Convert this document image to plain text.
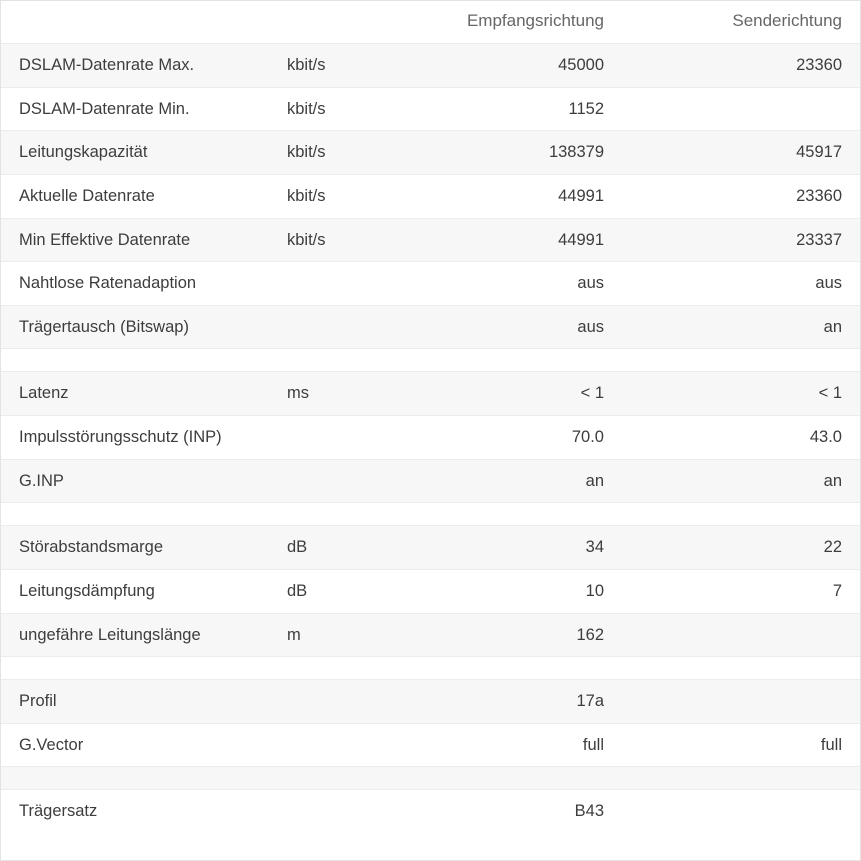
		Empfangsrichtung	Senderichtung
DSLAM-Datenrate Max.	kbit/s	45000	23360
DSLAM-Datenrate Min.	kbit/s	1152	
Leitungskapazität	kbit/s	138379	45917
Aktuelle Datenrate	kbit/s	44991	23360
Min Effektive Datenrate	kbit/s	44991	23337
Nahtlose Ratenadaption		aus	aus
Trägertausch (Bitswap)		aus	an

Latenz	ms	< 1	< 1
Impulsstörungsschutz (INP)		70.0	43.0
G.INP		an	an

Störabstandsmarge	dB	34	22
Leitungsdämpfung	dB	10	7
ungefähre Leitungslänge	m	162	

Profil		17a	
G.Vector		full	full

Trägersatz		B43	
